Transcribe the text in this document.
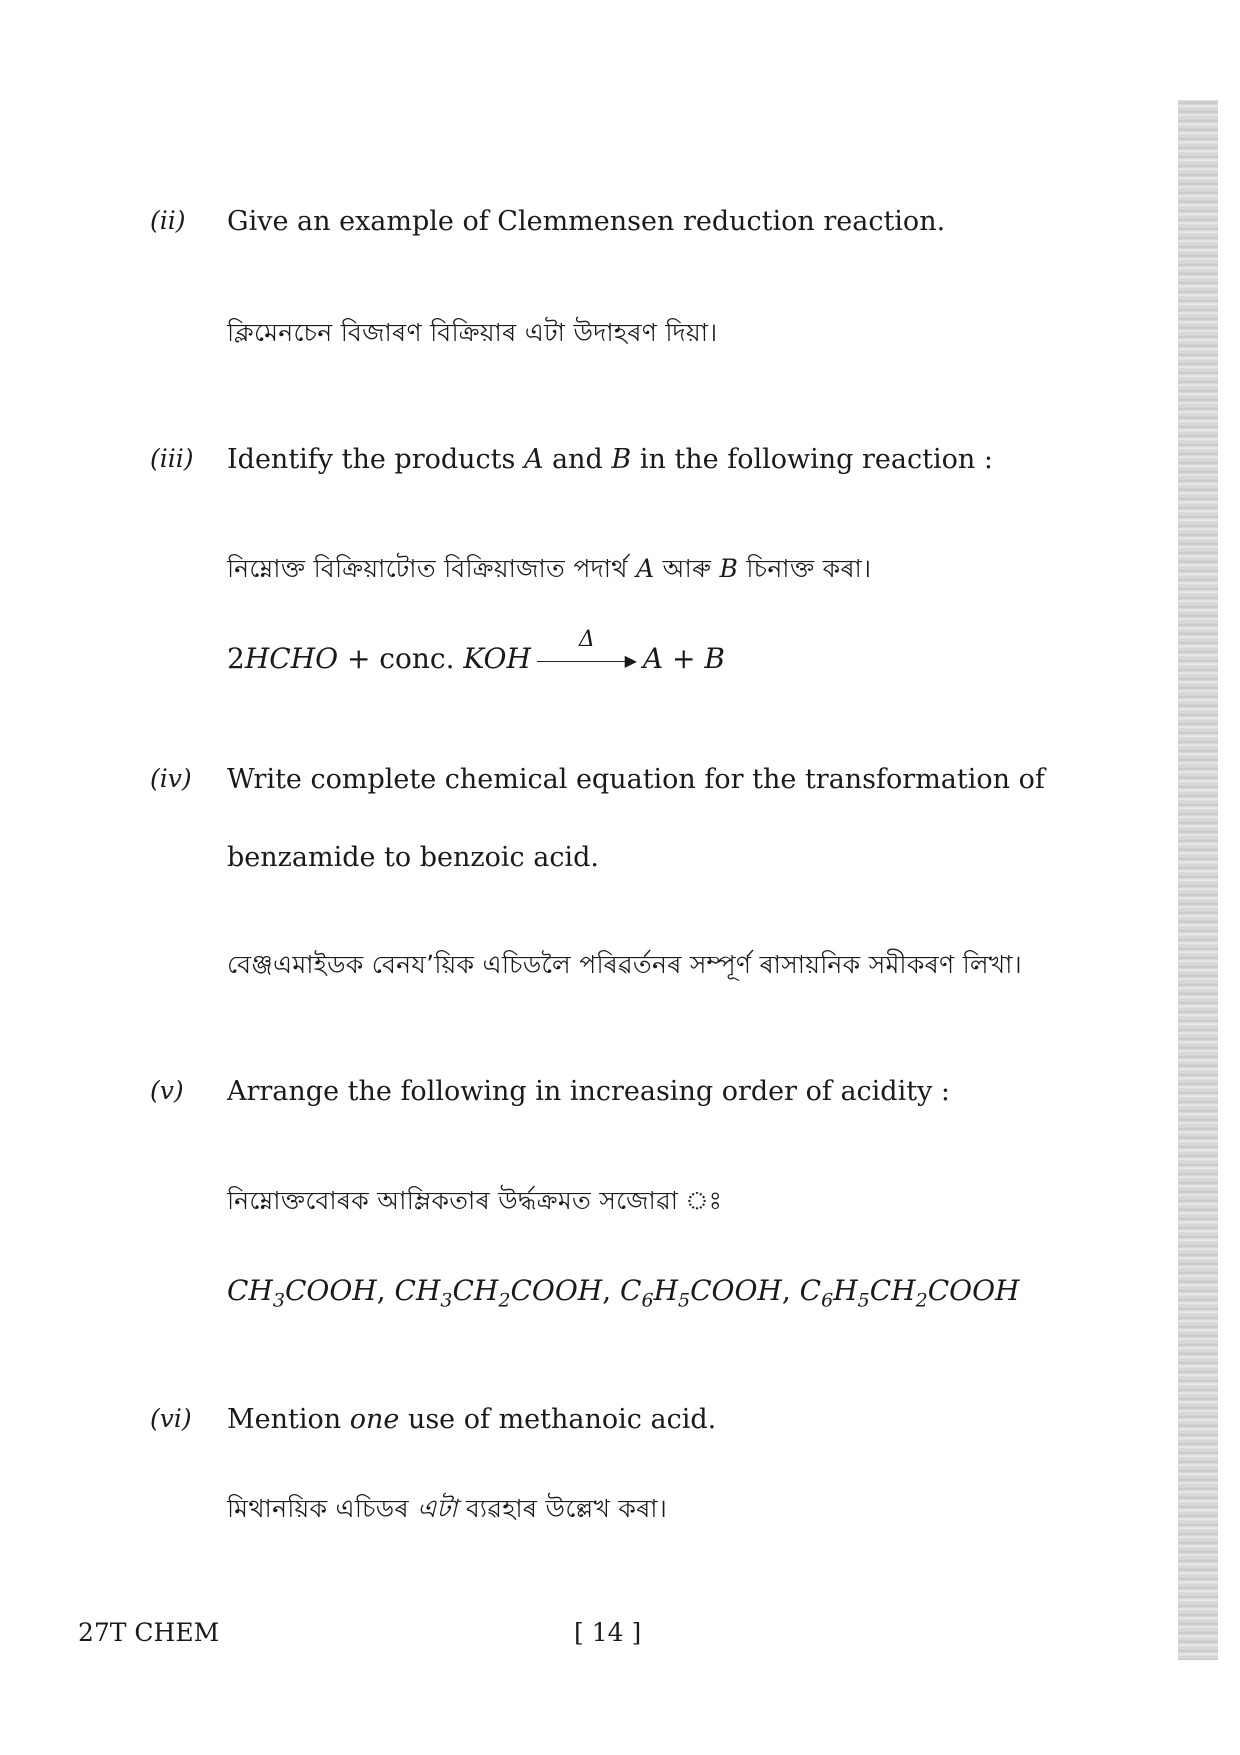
(ii) Give an example of Clemmensen reduction reaction.
ক্লিমেনচেন বিজাৰণ বিক্ৰিয়াৰ এটা উদাহৰণ দিয়া।
(iii) Identify the products A and B in the following reaction :
নিম্নোক্ত বিক্ৰিয়াটোত বিক্ৰিয়াজাত পদাৰ্থ A আৰু B চিনাক্ত কৰা।
2HCHO + conc. KOH	▶
Δ
A + B
(iv) Write complete chemical equation for the transformation of
benzamide to benzoic acid.
বেঞ্জএমাইডক বেনযʼয়িক এচিডলৈ পৰিৱৰ্তনৰ সম্পূৰ্ণ ৰাসায়নিক সমীকৰণ লিখা।
(v) Arrange the following in increasing order of acidity :
নিম্নোক্তবোৰক আম্লিকতাৰ উৰ্দ্ধক্ৰমত সজোৱা ঃ
$CH_3COOH$, $CH_3CH_2COOH$, $C_6H_5COOH$, $C_6H_5CH_2COOH$
(vi) Mention one use of methanoic acid.
মিথানয়িক এচিডৰ এটা ব্যৱহাৰ উল্লেখ কৰা।
27T CHEM	[ 14 ]
